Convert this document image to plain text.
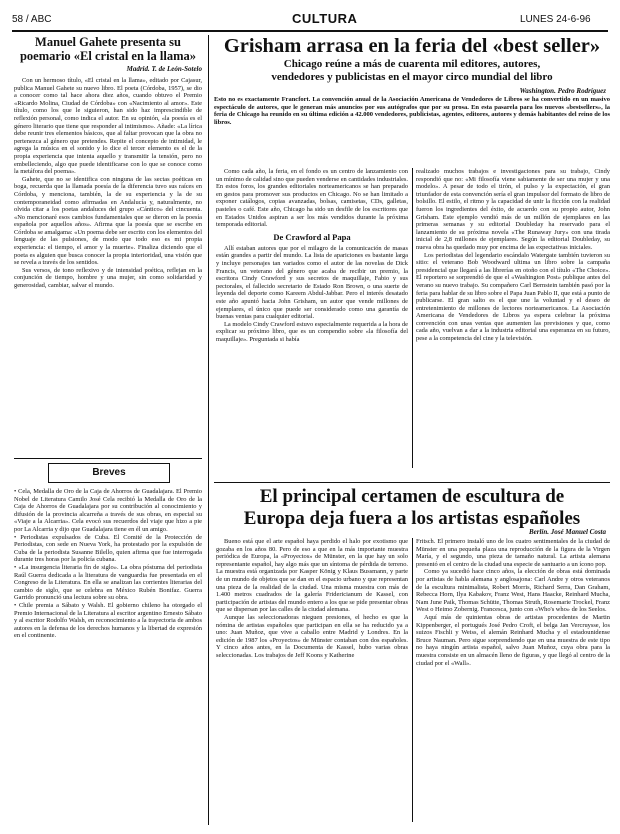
58 / ABC	CULTURA	LUNES 24-6-96

Manuel Gahete presenta su

poemario «El cristal en la llama»

Madrid. T. de León-Sotelo

Con un hermoso título, «El cristal en la llama», editado por Cajasur, publica Manuel Gahete su nuevo libro. El poeta (Córdoba, 1957), se dio a conocer como tal hace ahora diez años, cuando obtuvo el Premio «Ricardo Molina, Ciudad de Córdoba» con «Nacimiento al amor». Este título, como los que le siguieron, han sido haz imprescindible de reflexión personal, como indica el autor. En su opinión, «la poesía es el género literario que tiene que responder al intimismo». Añade: «La lírica debe reunir tres elementos básicos, que al faltar provocan que la obra no pertenezca al género que pretendes. Repite el concepto de intimidad, le agrega la música en el sonido y lo dice el tercer elemento es el de la propia experiencia que intenta aquello y transmitir la tensión, pero no embelleciendo, algo que puede identificarse con lo que se conoce como la metáfora del poema».

Gahete, que no se identifica con ninguna de las sectas poéticas en boga, recuerda que la llamada poesía de la diferencia tuvo sus raíces en Córdoba, y menciona, también, la de su experiencia y la de su contemporaneidad como afirmadas en Andalucía y, naturalmente, no olvida citar a los poetas andaluces del grupo «Cántico» del cincuenta. «No mencionaré esos cambios fundamentales que se dieron en la poesía española por aquellos años». Afirma que la poesía que se escribe en Córdoba se amalgama: «Un poema debe ser escrito con los elementos del lenguaje de las pulsiones, de modo que todo eso es mi propia experiencia: el tiempo, el amor y la muerte». Finaliza diciendo que el poeta es alguien que busca conocer la propia interioridad, una visión que se revela a través de los sentidos.

Sus versos, de tono reflexivo y de intensidad poética, reflejan en la conjunción de tiempo, hombre y una mujer, sin como solidaridad y generosidad, cambiar, salvar el mundo.

Breves

• Cela, Medalla de Oro de la Caja de Ahorros de Guadalajara. El Premio Nobel de Literatura Camilo José Cela recibió la Medalla de Oro de la Caja de Ahorros de Guadalajara por su contribución al conocimiento y difusión de la provincia alcarreña a través de sus obras, en especial su «Viaje a la Alcarria». Cela evocó sus recuerdos del viaje que hizo a pie por La Alcarria y dijo que Guadalajara tiene en él un amigo.

• Periodistas expulsados de Cuba. El Comité de la Protección de Periodistas, con sede en Nueva York, ha protestado por la expulsión de Cuba de la periodista Susanne Bilello, quien afirma que fue interrogada durante tres horas por la policía cubana.

• «La insurgencia literaria fin de siglo». La obra póstuma del periodista Raúl Guerra dedicada a la literatura de vanguardia fue presentada en el Congreso de la Literatura. En ella se analizan las corrientes literarias del cambio de siglo, que se celebra en México Rubén Bonifaz. Guerra Garrido pronunció una lectura sobre su obra.

• Chile premia a Sábato y Walsh. El gobierno chileno ha otorgado el Premio Internacional de la Literatura al escritor argentino Ernesto Sábato y al escritor Rodolfo Walsh, en reconocimiento a la trayectoria de ambos autores en la defensa de los derechos humanos y la libertad de expresión en el continente.

Grisham arrasa en la feria del «best seller»

Chicago reúne a más de cuarenta mil editores, autores,

vendedores y publicistas en el mayor circo mundial del libro

Washington. Pedro Rodríguez

Esto no es exactamente Francfort. La convención anual de la Asociación Americana de Vendedores de Libros se ha convertido en un masivo espectáculo de autores, que le generan más anuncios por sus autógrafos que por su prosa. En esta pasarela para los nuevos «bestsellers», la feria de Chicago ha reunido en su última edición a 42.000 vendedores, publicistas, agentes, editores, autores y demás habitantes del reino de los libros.

Como cada año, la feria, en el fondo es un centro de lanzamiento con un mínimo de calidad sino que pueden venderse en cantidades industriales. En estos foros, los grandes editoriales norteamericanos se han preparado en gestos para promover sus productos en Chicago. No se han limitado a exponer catálogos, copias avanzadas, bolsas, camisetas, CDs, galletas, pasteles o café. Este año, Chicago ha sido un desfile de los escritores que en Estados Unidos aspiran a ser los más vendidos durante la próxima temporada editorial.

De Crawford al Papa

Allí estaban autores que por el milagro de la comunicación de masas están grandes a partir del mundo. La lista de apariciones es bastante larga y incluye personajes tan variados como el autor de las novelas de Dick Francis, un veterano del género que acaba de recibir un premio, la escritora Cindy Crawford y sus secretos de maquillaje, Fabio y sus pectorales, el fallecido secretario de Estado Ron Brown, o una suerte de leyenda del deporte como Kareem Abdul-Jabbar. Pero el interés desatado este año apuntó hacia John Grisham, un autor que vende millones de ejemplares, el único que puede ser considerado como una garantía de buenas ventas para cualquier editorial.

La modelo Cindy Crawford estuvo especialmente requerida a la hora de explicar su próximo libro, que es un compendio sobre «la filosofía del maquillaje». Preguntada si había

realizado muchos trabajos e investigaciones para su trabajo, Cindy respondió que no: «Mi filosofía viene sabiamente de ser una mujer y una modelo». A pesar de todo el tirón, el pulso y la expectación, el gran triunfador de esta convención sería el gran impulsor del formato de libro de bolsillo. El estilo, el ritmo y la capacidad de unir la ficción con la realidad fueron los ingredientes del éxito, de acuerdo con su propio autor, John Grisham. Este ejemplo vendió más de un millón de ejemplares en las primeras semanas y su editorial Doubleday ha reservado para el lanzamiento de su próxima novela «The Runaway Jury» con una tirada inicial de 2,8 millones de ejemplares. Según la editorial Doubleday, su nueva obra ha quedado muy por encima de las expectativas iniciales.

Los periodistas del legendario escándalo Watergate también tuvieron su sitio: el veterano Bob Woodward ultima un libro sobre la campaña presidencial que llegará a las librerías en otoño con el título «The Choice». El reportero se sorprendió de que el «Washington Post» publique antes del verano su nuevo trabajo. Su compañero Carl Bernstein también pasó por la feria para hablar de su libro sobre el Papa Juan Pablo II, que está a punto de publicarse. El gran salto es el que une la voluntad y el deseo de entretenimiento de millones de lectores norteamericanos. La Asociación Americana de Vendedores de Libros ya espera celebrar la próxima convención con unas ventas que aumenten las previsiones y que, como cada año, vuelvan a dar a la industria editorial una esperanza en su futuro, pese a la competencia del cine y la televisión.

El principal certamen de escultura de

Europa deja fuera a los artistas españoles

Bueno está que el arte español haya perdido el halo por exotismo que gozaba en los años 80. Pero de eso a que en la más importante muestra periódica de Europa, la «Proyectos» de Münster, en la que hay un solo representante español, hay algo más que un síntoma de pérdida de terreno. La muestra está organizada por Kasper König y Klaus Bussmann, y parte de un mundo de objetos que se dan en el espacio urbano y que representan una pieza de la realidad de la ciudad. Una misma muestra con más de 1.400 metros cuadrados de la galería Fridericianum de Kassel, con participación de artistas del mundo entero a los que se pide presentar obras que se dispersan por las calles de la ciudad alemana.

Aunque las seleccionadoras nieguen presiones, el hecho es que la nómina de artistas españoles que participan en ella se ha reducido ya a uno: Juan Muñoz, que vive a caballo entre Madrid y Londres. En la edición de 1987 los «Proyectos» de Münster contaban con dos españoles. Y cinco años antes, en la Documenta de Kassel, hubo varias obras seleccionadas. Los trabajos de Jeff Koons y Katherine

Berlín. José Manuel Costa

Fritsch. El primero instaló uno de los cuatro sentimentales de la ciudad de Münster en una pequeña plaza una reproducción de la figura de la Virgen María, y el segundo, una pieza de tamaño natural. La artista alemana presentó en el centro de la ciudad una especie de santuario a un ícono pop.

Como ya sucedió hace cinco años, la elección de obras está dominada por artistas de habla alemana y anglosajona: Carl Andre y otros veteranos de la escultura minimalista, Robert Morris, Richard Serra, Dan Graham, Rebecca Horn, Ilya Kabakov, Franz West, Hans Haacke, Reinhard Mucha, Nam June Paik, Thomas Schütte, Thomas Struth, Rosemarie Trockel, Franz West o Heimo Zobernig. Francesca, junto con «Who's who» de los Seelos.

Aquí más de quinientas obras de artistas procedentes de Martin Kippenberger, el portugués José Pedro Croft, el belga Jan Vercruysse, los suizos Fischli y Weiss, el alemán Reinhard Mucha y el estadounidense Bruce Nauman. Pero sigue sorprendiendo que en una muestra de este tipo no haya ningún artista español, salvo Juan Muñoz, cuya obra para la muestra consiste en un almacén lleno de figuras, y que llegó al centro de la ciudad por el «Wall».
